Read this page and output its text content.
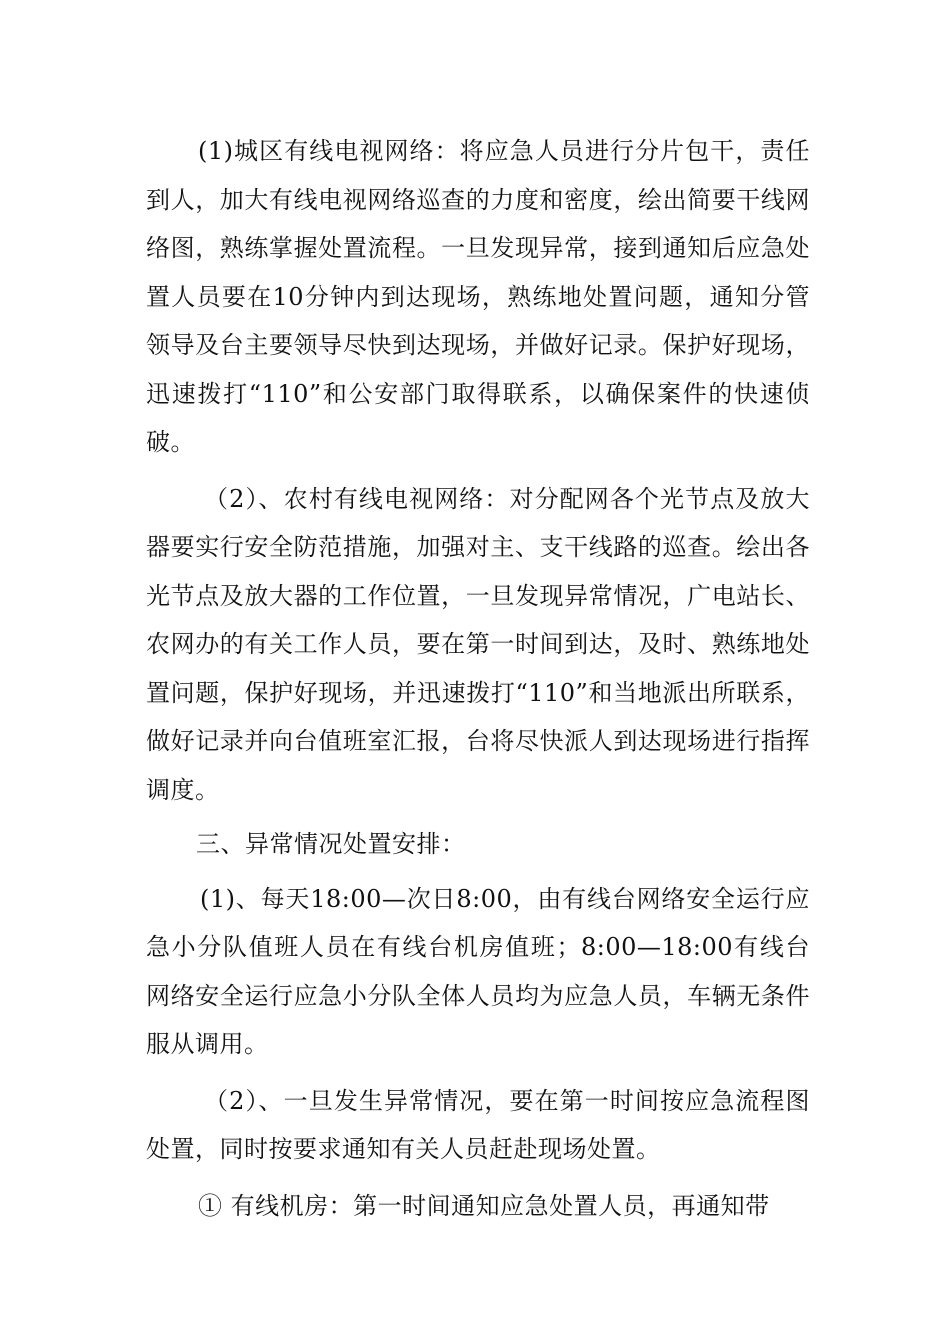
(1)城区有线电视网络：将应急人员进行分片包干，责任到人，加大有线电视网络巡查的力度和密度，绘出简要干线网络图，熟练掌握处置流程。一旦发现异常，接到通知后应急处置人员要在10分钟内到达现场，熟练地处置问题，通知分管领导及台主要领导尽快到达现场，并做好记录。保护好现场，迅速拨打“110”和公安部门取得联系，以确保案件的快速侦破。

（2）、农村有线电视网络：对分配网各个光节点及放大器要实行安全防范措施，加强对主、支干线路的巡查。绘出各光节点及放大器的工作位置，一旦发现异常情况，广电站长、农网办的有关工作人员，要在第一时间到达，及时、熟练地处置问题，保护好现场，并迅速拨打“110”和当地派出所联系，做好记录并向台值班室汇报，台将尽快派人到达现场进行指挥调度。

三、异常情况处置安排：

(1)、每天18:00—次日8:00，由有线台网络安全运行应急小分队值班人员在有线台机房值班；8:00—18:00有线台网络安全运行应急小分队全体人员均为应急人员，车辆无条件服从调用。

（2）、一旦发生异常情况，要在第一时间按应急流程图处置，同时按要求通知有关人员赶赴现场处置。

① 有线机房：第一时间通知应急处置人员，再通知带
